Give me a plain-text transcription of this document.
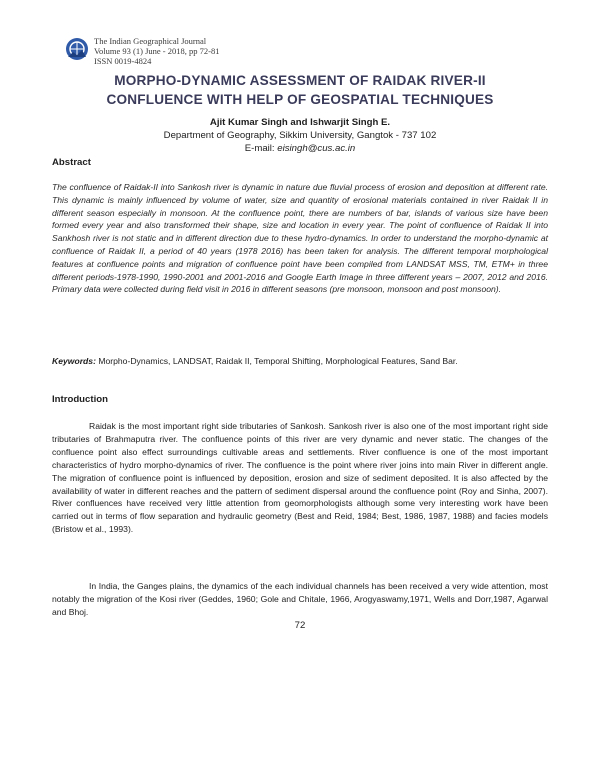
The Indian Geographical Journal
Volume 93 (1) June - 2018, pp 72-81
ISSN 0019-4824
MORPHO-DYNAMIC ASSESSMENT OF RAIDAK RIVER-II
CONFLUENCE WITH HELP OF GEOSPATIAL TECHNIQUES
Ajit Kumar Singh and Ishwarjit Singh E.
Department of Geography, Sikkim University, Gangtok - 737 102
E-mail: eisingh@cus.ac.in
Abstract

The confluence of Raidak-II into Sankosh river is dynamic in nature due fluvial process of erosion and deposition at different rate. This dynamic is mainly influenced by volume of water, size and quantity of erosional materials contained in river Raidak II in different season especially in monsoon. At the confluence point, there are numbers of bar, islands of various size have been formed every year and also transformed their shape, size and location in every year. The point of confluence of Raidak II into Sankhosh river is not static and in different direction due to these hydro-dynamics. In order to understand the morpho-dynamic at confluence of Raidak II, a period of 40 years (1978 2016) has been taken for analysis. The different temporal morphological features at confluence points and migration of confluence point have been compiled from LANDSAT MSS, TM, ETM+ in three different periods-1978-1990, 1990-2001 and 2001-2016 and Google Earth Image in three different years – 2007, 2012 and 2016. Primary data were collected during field visit in 2016 in different seasons (pre monsoon, monsoon and post monsoon).

Keywords: Morpho-Dynamics, LANDSAT, Raidak II, Temporal Shifting, Morphological Features, Sand Bar.

Introduction

Raidak is the most important right side tributaries of Sankosh. Sankosh river is also one of the most important right side tributaries of Brahmaputra river. The confluence points of this river are very dynamic and never static. The changes of the confluence point also effect surroundings cultivable areas and settlements. River confluence is one of the most important characteristics of hydro morpho-dynamics of river. The confluence is the point where river joins into main River in different angle. The migration of confluence point is influenced by deposition, erosion and size of sediment deposited. It is also affected by the availability of water in different reaches and the pattern of sediment dispersal around the confluence point (Roy and Sinha, 2007). River confluences have received very little attention from geomorphologists although some very interesting work have been carried out in terms of flow separation and hydraulic geometry (Best and Reid, 1984; Best, 1986, 1987, 1988) and facies models (Bristow et al., 1993).

In India, the Ganges plains, the dynamics of the each individual channels has been received a very wide attention, most notably the migration of the Kosi river (Geddes, 1960; Gole and Chitale, 1966, Arogyaswamy,1971, Wells and Dorr,1987, Agarwal and Bhoj.

72
